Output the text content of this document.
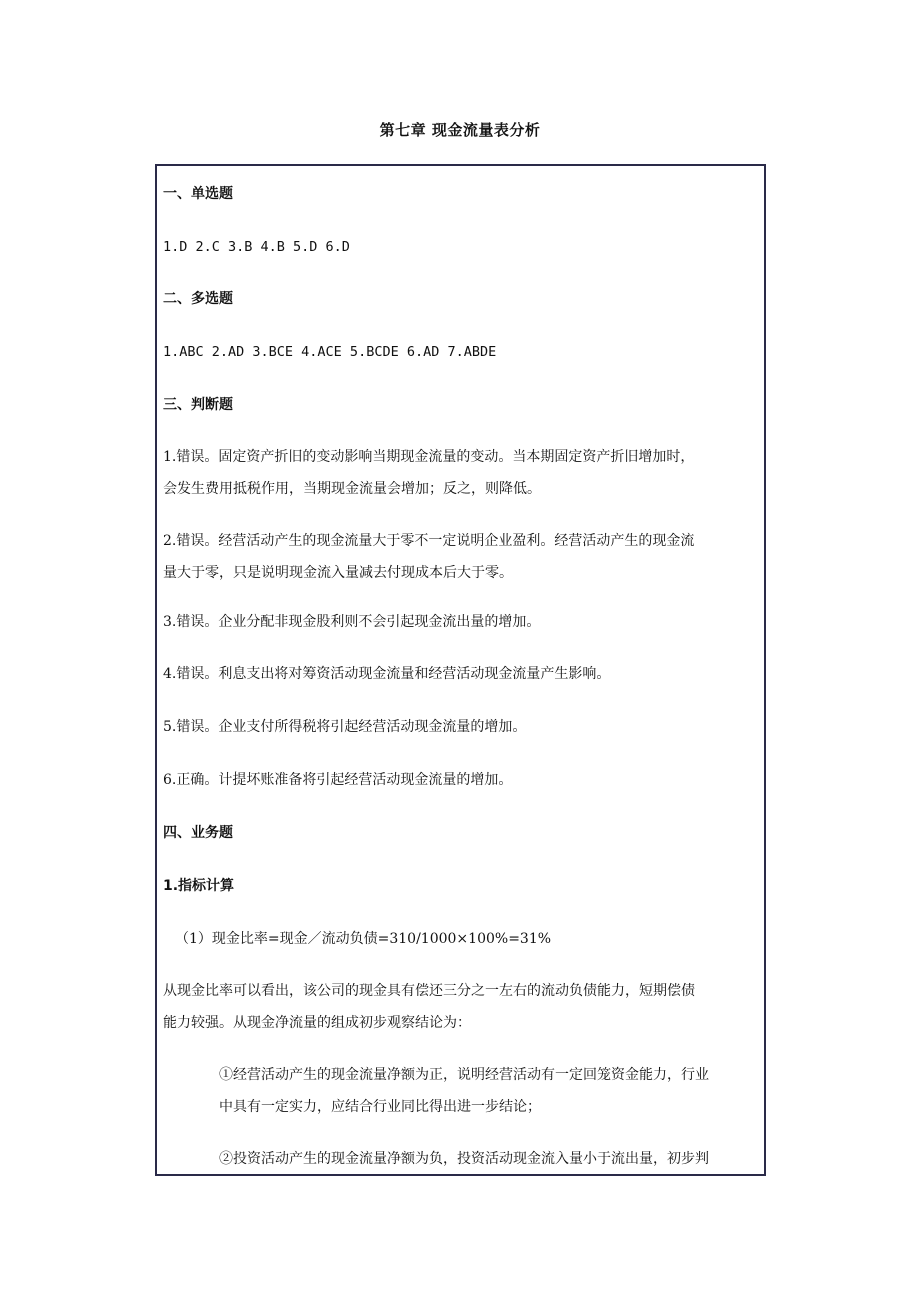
第七章 现金流量表分析
一、单选题
1.D 2.C 3.B 4.B 5.D 6.D
二、多选题
1.ABC 2.AD 3.BCE 4.ACE 5.BCDE 6.AD 7.ABDE
三、判断题
1.错误。固定资产折旧的变动影响当期现金流量的变动。当本期固定资产折旧增加时，
会发生费用抵税作用，当期现金流量会增加；反之，则降低。
2.错误。经营活动产生的现金流量大于零不一定说明企业盈利。经营活动产生的现金流
量大于零，只是说明现金流入量减去付现成本后大于零。
3.错误。企业分配非现金股利则不会引起现金流出量的增加。
4.错误。利息支出将对筹资活动现金流量和经营活动现金流量产生影响。
5.错误。企业支付所得税将引起经营活动现金流量的增加。
6.正确。计提坏账准备将引起经营活动现金流量的增加。
四、业务题
1.指标计算
（1）现金比率=现金／流动负债=310/1000×100%=31%
从现金比率可以看出，该公司的现金具有偿还三分之一左右的流动负债能力，短期偿债
能力较强。从现金净流量的组成初步观察结论为：
①经营活动产生的现金流量净额为正，说明经营活动有一定回笼资金能力，行业
中具有一定实力，应结合行业同比得出进一步结论；
②投资活动产生的现金流量净额为负，投资活动现金流入量小于流出量，初步判
